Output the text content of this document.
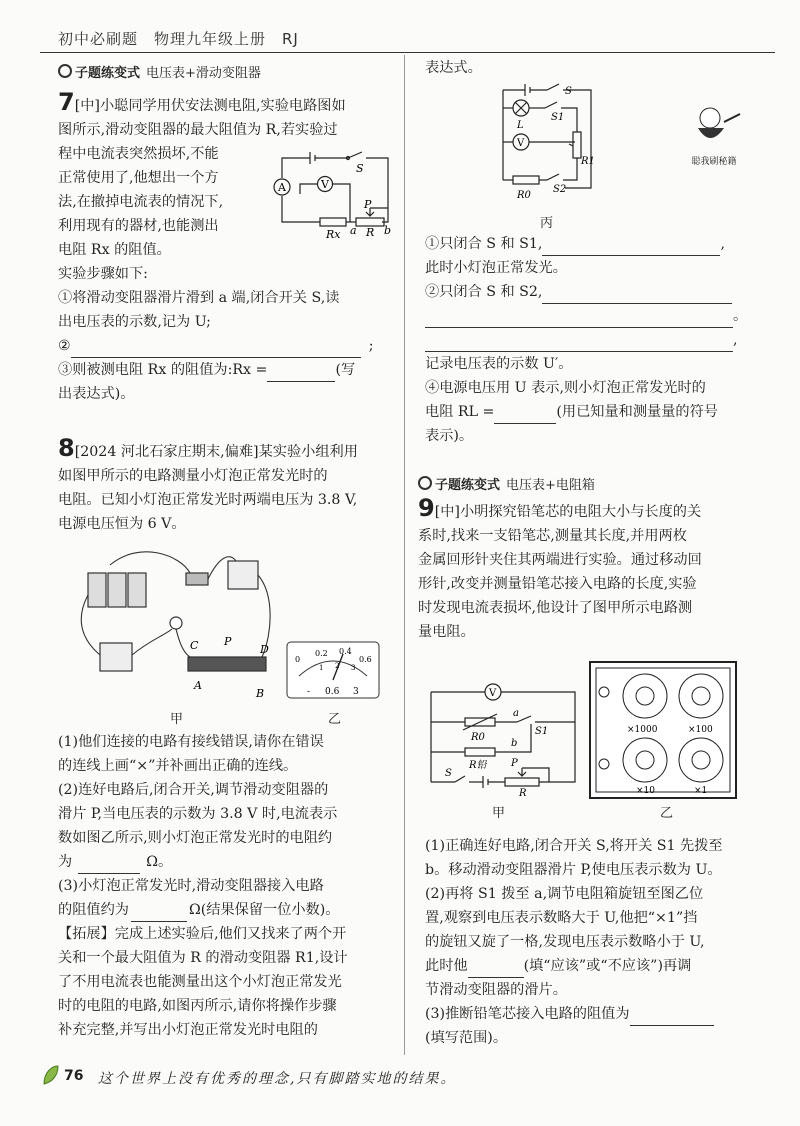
初中必刷题　物理九年级上册　RJ
子题练变式 电压表+滑动变阻器
7[中]小聪同学用伏安法测电阻,实验电路图如
图所示,滑动变阻器的最大阻值为 R,若实验过
程中电流表突然损坏,不能
正常使用了,他想出一个方
法,在撤掉电流表的情况下,
利用现有的器材,也能测出
电阻 Rx 的阻值。
实验步骤如下:
①将滑动变阻器滑片滑到 a 端,闭合开关 S,读
出电压表的示数,记为 U;
②	;
③则被测电阻 Rx 的阻值为:Rx =	(写
出表达式)。
A	V
S
Rx
P
a R b
8[2024 河北石家庄期末,偏难]某实验小组利用
如图甲所示的电路测量小灯泡正常发光时的
电阻。已知小灯泡正常发光时两端电压为 3.8 V,
电源电压恒为 6 V。
C P
D
A
B
甲
0
0.2 0.4
0.6
1 2 3
- 0.6 3
乙
(1)他们连接的电路有接线错误,请你在错误
的连线上画“×”并补画出正确的连线。
(2)连好电路后,闭合开关,调节滑动变阻器的
滑片 P,当电压表的示数为 3.8 V 时,电流表示
数如图乙所示,则小灯泡正常发光时的电阻约
为	Ω。
(3)小灯泡正常发光时,滑动变阻器接入电路
的阻值约为	Ω(结果保留一位小数)。
【拓展】完成上述实验后,他们又找来了两个开
关和一个最大阻值为 R 的滑动变阻器 R1,设计
了不用电流表也能测量出这个小灯泡正常发光
时的电阻的电路,如图丙所示,请你将操作步骤
补充完整,并写出小灯泡正常发光时电阻的
表达式。
S
L
S1
V
R1
R0
S2
丙
聪我刷秘籍
①只闭合 S 和 S1,	,
此时小灯泡正常发光。
②只闭合 S 和 S2,
。
,
记录电压表的示数 U′。
④电源电压用 U 表示,则小灯泡正常发光时的
电阻 RL =	(用已知量和测量量的符号
表示)。
子题练变式 电压表+电阻箱
9[中]小明探究铅笔芯的电阻大小与长度的关
系时,找来一支铅笔芯,测量其长度,并用两枚
金属回形针夹住其两端进行实验。通过移动回
形针,改变并测量铅笔芯接入电路的长度,实验
时发现电流表损坏,他设计了图甲所示电路测
量电阻。
V
R0
a
S1
b
R铅
S
P
R
甲
×1000	×100
×10	×1
乙
(1)正确连好电路,闭合开关 S,将开关 S1 先拨至
b。移动滑动变阻器滑片 P,使电压表示数为 U。
(2)再将 S1 拨至 a,调节电阻箱旋钮至图乙位
置,观察到电压表示数略大于 U,他把“×1”挡
的旋钮又旋了一格,发现电压表示数略小于 U,
此时他	(填“应该”或“不应该”)再调
节滑动变阻器的滑片。
(3)推断铅笔芯接入电路的阻值为
(填写范围)。
76 这个世界上没有优秀的理念,只有脚踏实地的结果。
